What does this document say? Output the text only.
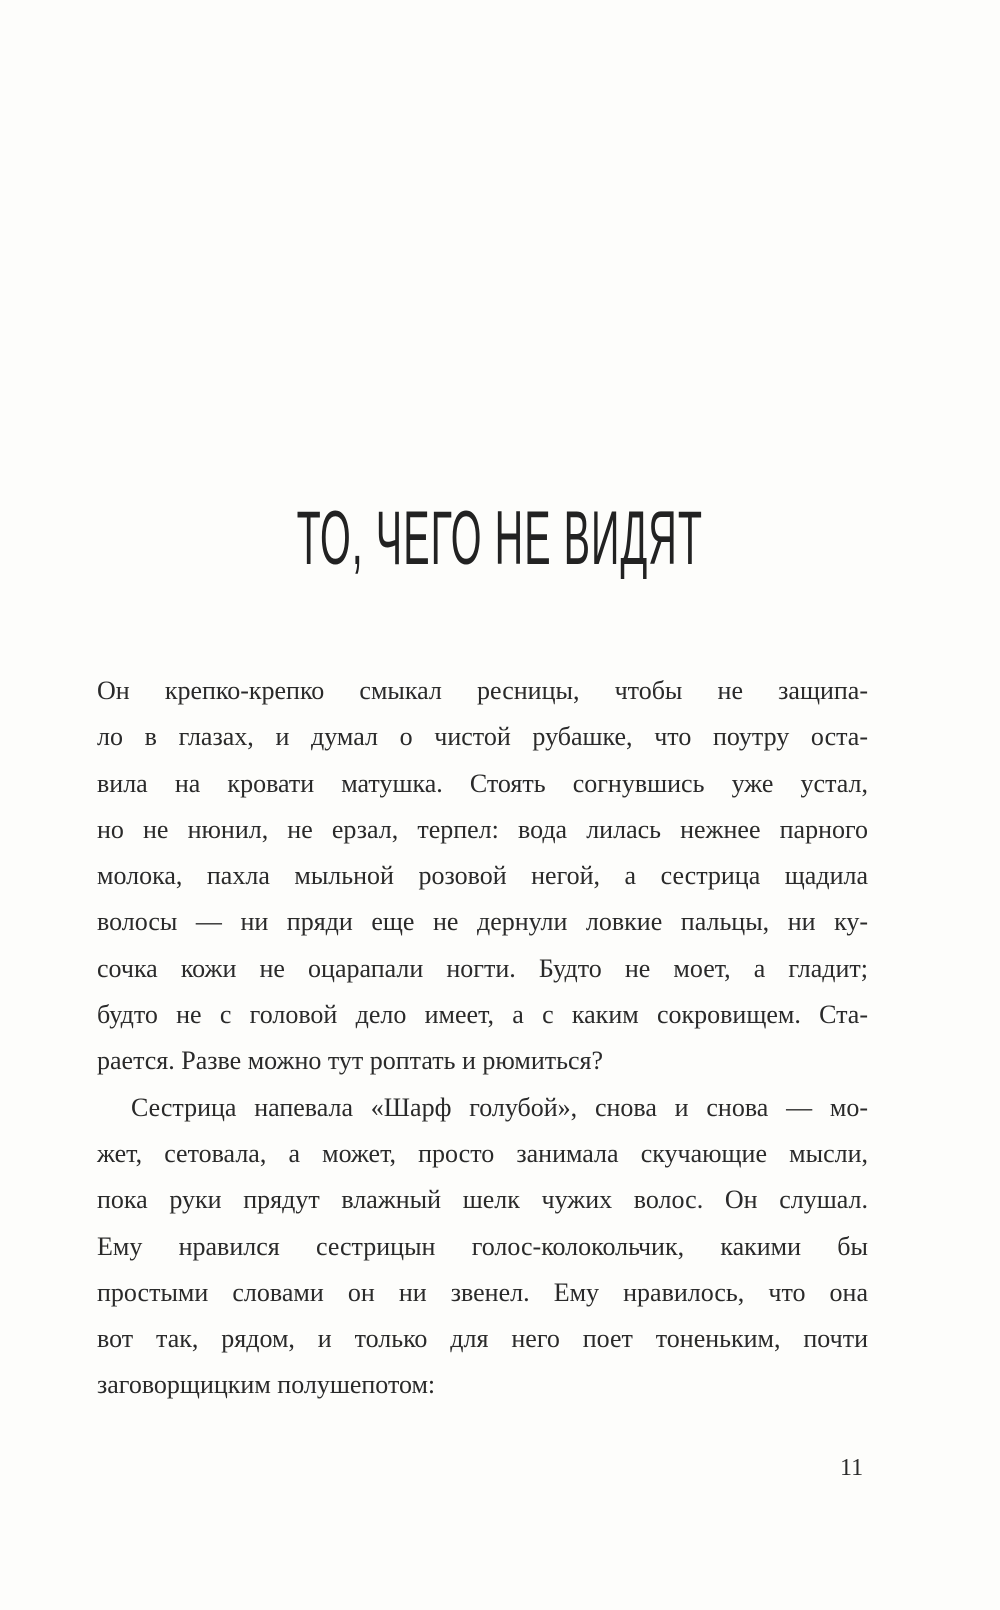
ТО, ЧЕГО НЕ ВИДЯТ
Он крепко-крепко смыкал ресницы, чтобы не защипа-
ло в глазах, и думал о чистой рубашке, что поутру оста-
вила на кровати матушка. Стоять согнувшись уже устал,
но не нюнил, не ерзал, терпел: вода лилась нежнее парного
молока, пахла мыльной розовой негой, а сестрица щадила
волосы — ни пряди еще не дернули ловкие пальцы, ни ку-
сочка кожи не оцарапали ногти. Будто не моет, а гладит;
будто не с головой дело имеет, а с каким сокровищем. Ста-
рается. Разве можно тут роптать и рюмиться?
Сестрица напевала «Шарф голубой», снова и снова — мо-
жет, сетовала, а может, просто занимала скучающие мысли,
пока руки прядут влажный шелк чужих волос. Он слушал.
Ему нравился сестрицын голос-колокольчик, какими бы
простыми словами он ни звенел. Ему нравилось, что она
вот так, рядом, и только для него поет тоненьким, почти
заговорщицким полушепотом:
11
